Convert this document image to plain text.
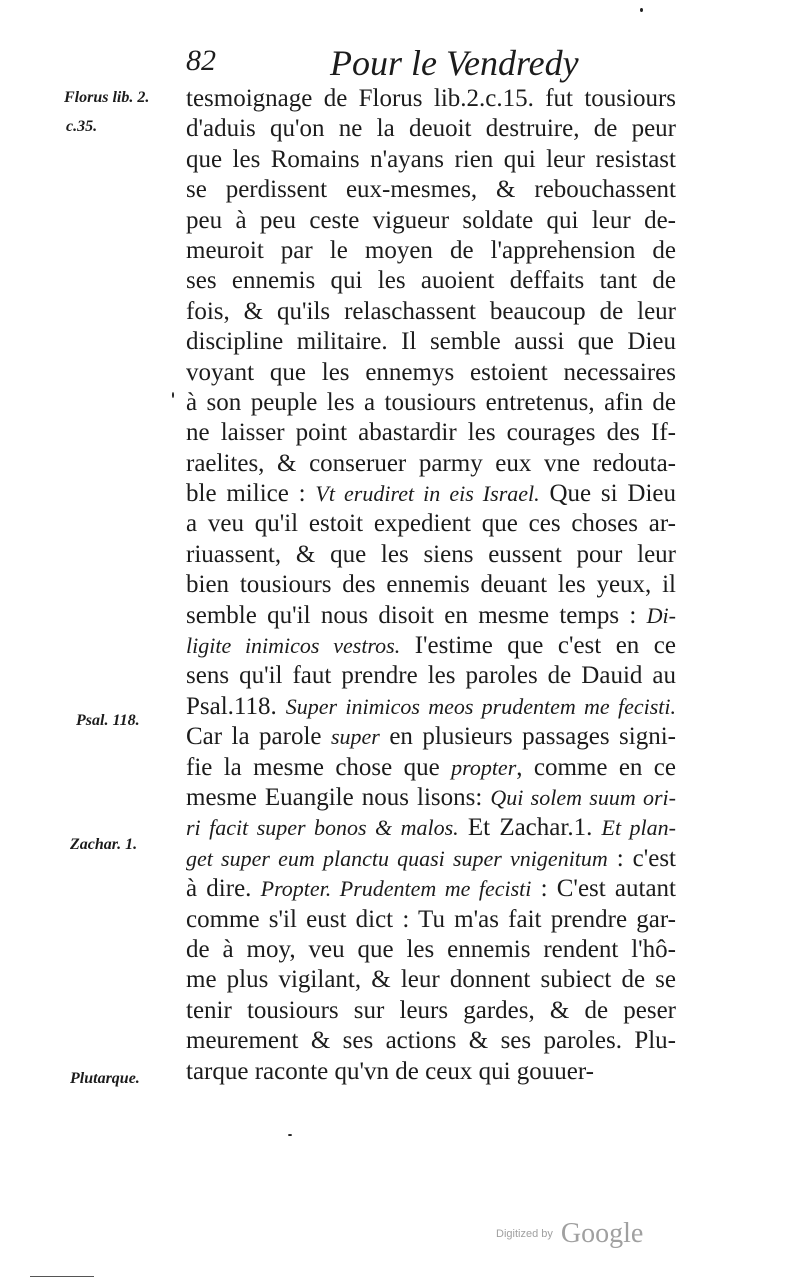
82	Pour le Vendredy
Florus lib. 2.
c.35.
Psal. 118.
Zachar. 1.
Plutarque.
tesmoignage de Florus lib.2.c.15. fut tousiours
d'aduis qu'on ne la deuoit destruire, de peur
que les Romains n'ayans rien qui leur resistast
se perdissent eux-mesmes, & rebouchassent
peu à peu ceste vigueur soldate qui leur de-
meuroit par le moyen de l'apprehension de
ses ennemis qui les auoient deffaits tant de
fois, & qu'ils relaschassent beaucoup de leur
discipline militaire. Il semble aussi que Dieu
voyant que les ennemys estoient necessaires
à son peuple les a tousiours entretenus, afin de
ne laisser point abastardir les courages des If-
raelites, & conseruer parmy eux vne redouta-
ble milice : Vt erudiret in eis Israel. Que si Dieu
a veu qu'il estoit expedient que ces choses ar-
riuassent, & que les siens eussent pour leur
bien tousiours des ennemis deuant les yeux, il
semble qu'il nous disoit en mesme temps : Di-
ligite inimicos vestros. I'estime que c'est en ce
sens qu'il faut prendre les paroles de Dauid au
Psal.118. Super inimicos meos prudentem me fecisti.
Car la parole super en plusieurs passages signi-
fie la mesme chose que propter, comme en ce
mesme Euangile nous lisons: Qui solem suum ori-
ri facit super bonos & malos. Et Zachar.1. Et plan-
get super eum planctu quasi super vnigenitum : c'est
à dire. Propter. Prudentem me fecisti : C'est autant
comme s'il eust dict : Tu m'as fait prendre gar-
de à moy, veu que les ennemis rendent l'hô-
me plus vigilant, & leur donnent subiect de se
tenir tousiours sur leurs gardes, & de peser
meurement & ses actions & ses paroles. Plu-
tarque raconte qu'vn de ceux qui gouuer-
Digitized by Google
